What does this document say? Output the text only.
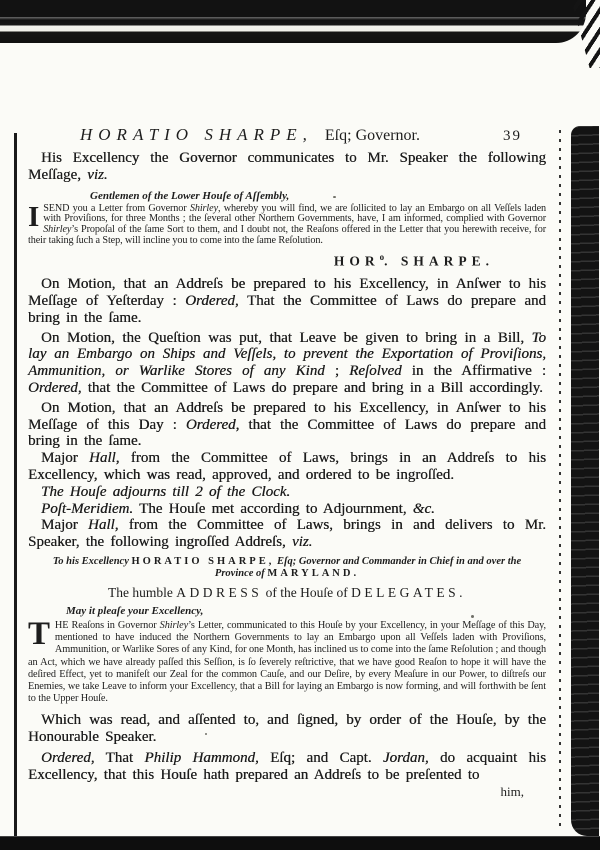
HORATIO SHARPE, Eſq; Governor.	39

His Excellency the Governor communicates to Mr. Speaker the following Meſſage, viz.

Gentlemen of the Lower Houſe of Aſſembly,

ISEND you a Letter from Governor Shirley, whereby you will find, we are ſollicited to lay an Embargo on all Veſſels laden with Proviſions, for three Months ; the ſeveral other Northern Governments, have, I am informed, complied with Governor Shirley’s Propoſal of the ſame Sort to them, and I doubt not, the Reaſons offered in the Letter that you herewith receive, for their taking ſuch a Step, will incline you to come into the ſame Reſolution.

HOR$^o$. SHARPE.

On Motion, that an Addreſs be prepared to his Excellency, in Anſwer to his Meſſage of Yeſterday : Ordered, That the Committee of Laws do prepare and bring in the ſame.

On Motion, the Queſtion was put, that Leave be given to bring in a Bill, To lay an Embargo on Ships and Veſſels, to prevent the Exportation of Proviſions, Ammunition, or Warlike Stores of any Kind ; Reſolved in the Affirmative : Ordered, that the Committee of Laws do prepare and bring in a Bill accordingly.

On Motion, that an Addreſs be prepared to his Excellency, in Anſwer to his Meſſage of this Day : Ordered, that the Committee of Laws do prepare and bring in the ſame.

Major Hall, from the Committee of Laws, brings in an Addreſs to his Excellency, which was read, approved, and ordered to be ingroſſed.

The Houſe adjourns till 2 of the Clock.

Poſt-Meridiem. The Houſe met according to Adjournment, &c.

Major Hall, from the Committee of Laws, brings in and delivers to Mr. Speaker, the following ingroſſed Addreſs, viz.

To his Excellency HORATIO SHARPE, Eſq; Governor and Commander in Chief in and over the

Province of MARYLAND.

The humble ADDRESS of the Houſe of DELEGATES.

May it pleaſe your Excellency,

THE Reaſons in Governor Shirley’s Letter, communicated to this Houſe by your Excellency, in your Meſſage of this Day, mentioned to have induced the Northern Governments to lay an Embargo upon all Veſſels laden with Proviſions, Ammunition, or Warlike Sores of any Kind, for one Month, has inclined us to come into the ſame Reſolution ; and though an Act, which we have already paſſed this Seſſion, is ſo ſeverely reſtrictive, that we have good Reaſon to hope it will have the deſired Effect, yet to manifeſt our Zeal for the common Cauſe, and our Deſire, by every Meaſure in our Power, to diſtreſs our Enemies, we take Leave to inform your Excellency, that a Bill for laying an Embargo is now forming, and will forthwith be ſent to the Upper Houſe.

Which was read, and aſſented to, and ſigned, by order of the Houſe, by the Honourable Speaker.

Ordered, That Philip Hammond, Eſq; and Capt. Jordan, do acquaint his Excellency, that this Houſe hath prepared an Addreſs to be preſented to

him,
